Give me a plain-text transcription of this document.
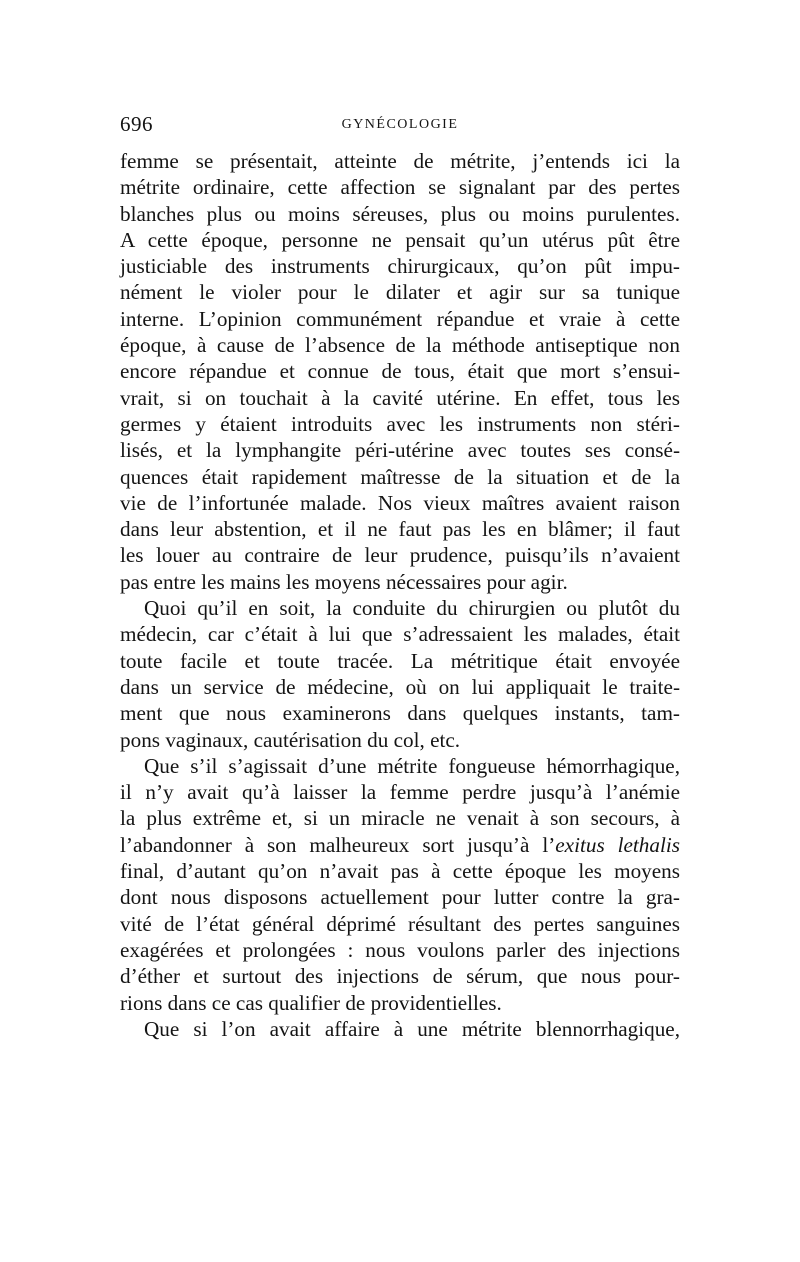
696	GYNÉCOLOGIE
femme se présentait, atteinte de métrite, j’entends ici la
métrite ordinaire, cette affection se signalant par des pertes
blanches plus ou moins séreuses, plus ou moins purulentes.
A cette époque, personne ne pensait qu’un utérus pût être
justiciable des instruments chirurgicaux, qu’on pût impu-
nément le violer pour le dilater et agir sur sa tunique
interne. L’opinion communément répandue et vraie à cette
époque, à cause de l’absence de la méthode antiseptique non
encore répandue et connue de tous, était que mort s’ensui-
vrait, si on touchait à la cavité utérine. En effet, tous les
germes y étaient introduits avec les instruments non stéri-
lisés, et la lymphangite péri-utérine avec toutes ses consé-
quences était rapidement maîtresse de la situation et de la
vie de l’infortunée malade. Nos vieux maîtres avaient raison
dans leur abstention, et il ne faut pas les en blâmer; il faut
les louer au contraire de leur prudence, puisqu’ils n’avaient
pas entre les mains les moyens nécessaires pour agir.
Quoi qu’il en soit, la conduite du chirurgien ou plutôt du
médecin, car c’était à lui que s’adressaient les malades, était
toute facile et toute tracée. La métritique était envoyée
dans un service de médecine, où on lui appliquait le traite-
ment que nous examinerons dans quelques instants, tam-
pons vaginaux, cautérisation du col, etc.
Que s’il s’agissait d’une métrite fongueuse hémorrhagique,
il n’y avait qu’à laisser la femme perdre jusqu’à l’anémie
la plus extrême et, si un miracle ne venait à son secours, à
l’abandonner à son malheureux sort jusqu’à l’exitus lethalis
final, d’autant qu’on n’avait pas à cette époque les moyens
dont nous disposons actuellement pour lutter contre la gra-
vité de l’état général déprimé résultant des pertes sanguines
exagérées et prolongées : nous voulons parler des injections
d’éther et surtout des injections de sérum, que nous pour-
rions dans ce cas qualifier de providentielles.
Que si l’on avait affaire à une métrite blennorrhagique,
